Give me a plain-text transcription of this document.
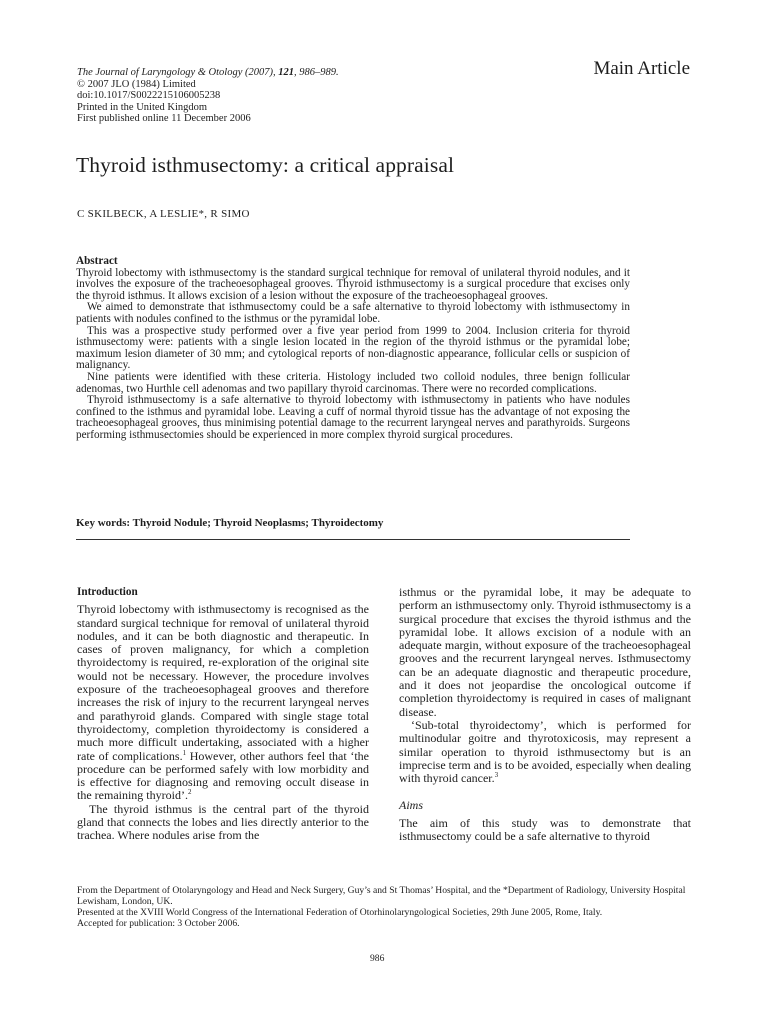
The Journal of Laryngology & Otology (2007), 121, 986–989.
© 2007 JLO (1984) Limited
doi:10.1017/S0022215106005238
Printed in the United Kingdom
First published online 11 December 2006
Main Article
Thyroid isthmusectomy: a critical appraisal
C SKILBECK, A LESLIE*, R SIMO
Abstract

Thyroid lobectomy with isthmusectomy is the standard surgical technique for removal of unilateral thyroid nodules, and it involves the exposure of the tracheoesophageal grooves. Thyroid isthmusectomy is a surgical procedure that excises only the thyroid isthmus. It allows excision of a lesion without the exposure of the tracheoesophageal grooves.

We aimed to demonstrate that isthmusectomy could be a safe alternative to thyroid lobectomy with isthmusectomy in patients with nodules confined to the isthmus or the pyramidal lobe.

This was a prospective study performed over a five year period from 1999 to 2004. Inclusion criteria for thyroid isthmusectomy were: patients with a single lesion located in the region of the thyroid isthmus or the pyramidal lobe; maximum lesion diameter of 30 mm; and cytological reports of non-diagnostic appearance, follicular cells or suspicion of malignancy.

Nine patients were identified with these criteria. Histology included two colloid nodules, three benign follicular adenomas, two Hurthle cell adenomas and two papillary thyroid carcinomas. There were no recorded complications.

Thyroid isthmusectomy is a safe alternative to thyroid lobectomy with isthmusectomy in patients who have nodules confined to the isthmus and pyramidal lobe. Leaving a cuff of normal thyroid tissue has the advantage of not exposing the tracheoesophageal grooves, thus minimising potential damage to the recurrent laryngeal nerves and parathyroids. Surgeons performing isthmusectomies should be experienced in more complex thyroid surgical procedures.

Key words: Thyroid Nodule; Thyroid Neoplasms; Thyroidectomy
Introduction

Thyroid lobectomy with isthmusectomy is recognised as the standard surgical technique for removal of unilateral thyroid nodules, and it can be both diagnostic and therapeutic. In cases of proven malignancy, for which a completion thyroidectomy is required, re-exploration of the original site would not be necessary. However, the procedure involves exposure of the tracheoesophageal grooves and therefore increases the risk of injury to the recurrent laryngeal nerves and parathyroid glands. Compared with single stage total thyroidectomy, completion thyroidectomy is considered a much more difficult undertaking, associated with a higher rate of complications.$^1$ However, other authors feel that ‘the procedure can be performed safely with low morbidity and is effective for diagnosing and removing occult disease in the remaining thyroid’.$^2$

The thyroid isthmus is the central part of the thyroid gland that connects the lobes and lies directly anterior to the trachea. Where nodules arise from the

isthmus or the pyramidal lobe, it may be adequate to perform an isthmusectomy only. Thyroid isthmusectomy is a surgical procedure that excises the thyroid isthmus and the pyramidal lobe. It allows excision of a nodule with an adequate margin, without exposure of the tracheoesophageal grooves and the recurrent laryngeal nerves. Isthmusectomy can be an adequate diagnostic and therapeutic procedure, and it does not jeopardise the oncological outcome if completion thyroidectomy is required in cases of malignant disease.

‘Sub-total thyroidectomy’, which is performed for multinodular goitre and thyrotoxicosis, may represent a similar operation to thyroid isthmusectomy but is an imprecise term and is to be avoided, especially when dealing with thyroid cancer.$^3$

Aims

The aim of this study was to demonstrate that isthmusectomy could be a safe alternative to thyroid

From the Department of Otolaryngology and Head and Neck Surgery, Guy’s and St Thomas’ Hospital, and the *Department of Radiology, University Hospital Lewisham, London, UK.

Presented at the XVIII World Congress of the International Federation of Otorhinolaryngological Societies, 29th June 2005, Rome, Italy.

Accepted for publication: 3 October 2006.

986
